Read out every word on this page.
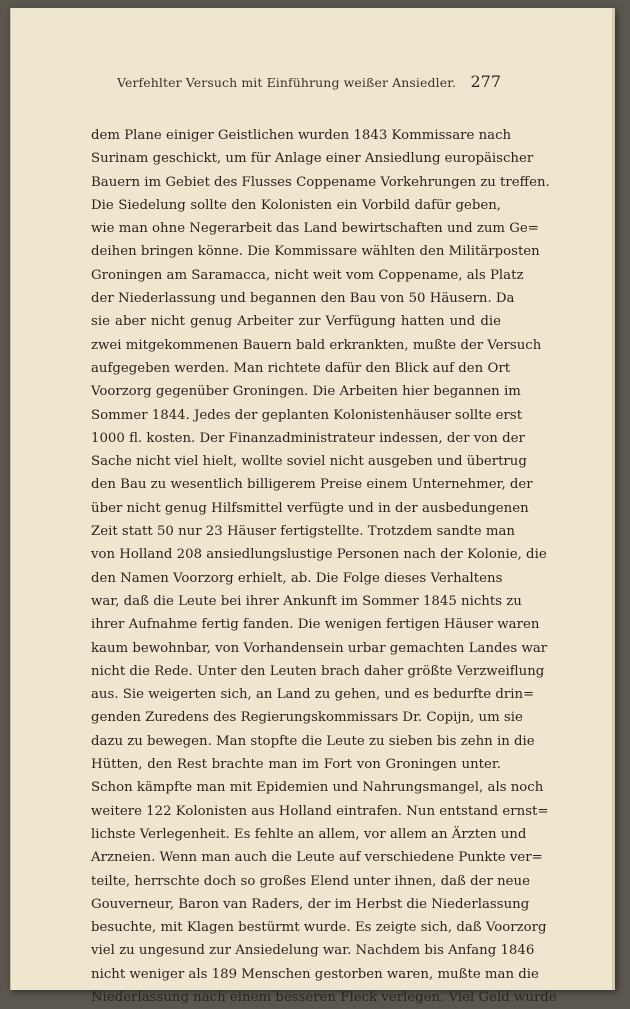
Verfehlter Versuch mit Einführung weißer Ansiedler. 277
dem Plane einiger Geistlichen wurden 1843 Kommissare nach
Surinam geschickt, um für Anlage einer Ansiedlung europäischer
Bauern im Gebiet des Flusses Coppename Vorkehrungen zu treffen.
Die Siedelung sollte den Kolonisten ein Vorbild dafür geben,
wie man ohne Negerarbeit das Land bewirtschaften und zum Ge=
deihen bringen könne. Die Kommissare wählten den Militärposten
Groningen am Saramacca, nicht weit vom Coppename, als Platz
der Niederlassung und begannen den Bau von 50 Häusern. Da
sie aber nicht genug Arbeiter zur Verfügung hatten und die
zwei mitgekommenen Bauern bald erkrankten, mußte der Versuch
aufgegeben werden. Man richtete dafür den Blick auf den Ort
Voorzorg gegenüber Groningen. Die Arbeiten hier begannen im
Sommer 1844. Jedes der geplanten Kolonistenhäuser sollte erst
1000 fl. kosten. Der Finanzadministrateur indessen, der von der
Sache nicht viel hielt, wollte soviel nicht ausgeben und übertrug
den Bau zu wesentlich billigerem Preise einem Unternehmer, der
über nicht genug Hilfsmittel verfügte und in der ausbedungenen
Zeit statt 50 nur 23 Häuser fertigstellte. Trotzdem sandte man
von Holland 208 ansiedlungslustige Personen nach der Kolonie, die
den Namen Voorzorg erhielt, ab. Die Folge dieses Verhaltens
war, daß die Leute bei ihrer Ankunft im Sommer 1845 nichts zu
ihrer Aufnahme fertig fanden. Die wenigen fertigen Häuser waren
kaum bewohnbar, von Vorhandensein urbar gemachten Landes war
nicht die Rede. Unter den Leuten brach daher größte Verzweiflung
aus. Sie weigerten sich, an Land zu gehen, und es bedurfte drin=
genden Zuredens des Regierungskommissars Dr. Copijn, um sie
dazu zu bewegen. Man stopfte die Leute zu sieben bis zehn in die
Hütten, den Rest brachte man im Fort von Groningen unter.
Schon kämpfte man mit Epidemien und Nahrungsmangel, als noch
weitere 122 Kolonisten aus Holland eintrafen. Nun entstand ernst=
lichste Verlegenheit. Es fehlte an allem, vor allem an Ärzten und
Arzneien. Wenn man auch die Leute auf verschiedene Punkte ver=
teilte, herrschte doch so großes Elend unter ihnen, daß der neue
Gouverneur, Baron van Raders, der im Herbst die Niederlassung
besuchte, mit Klagen bestürmt wurde. Es zeigte sich, daß Voorzorg
viel zu ungesund zur Ansiedelung war. Nachdem bis Anfang 1846
nicht weniger als 189 Menschen gestorben waren, mußte man die
Niederlassung nach einem besseren Fleck verlegen. Viel Geld wurde
